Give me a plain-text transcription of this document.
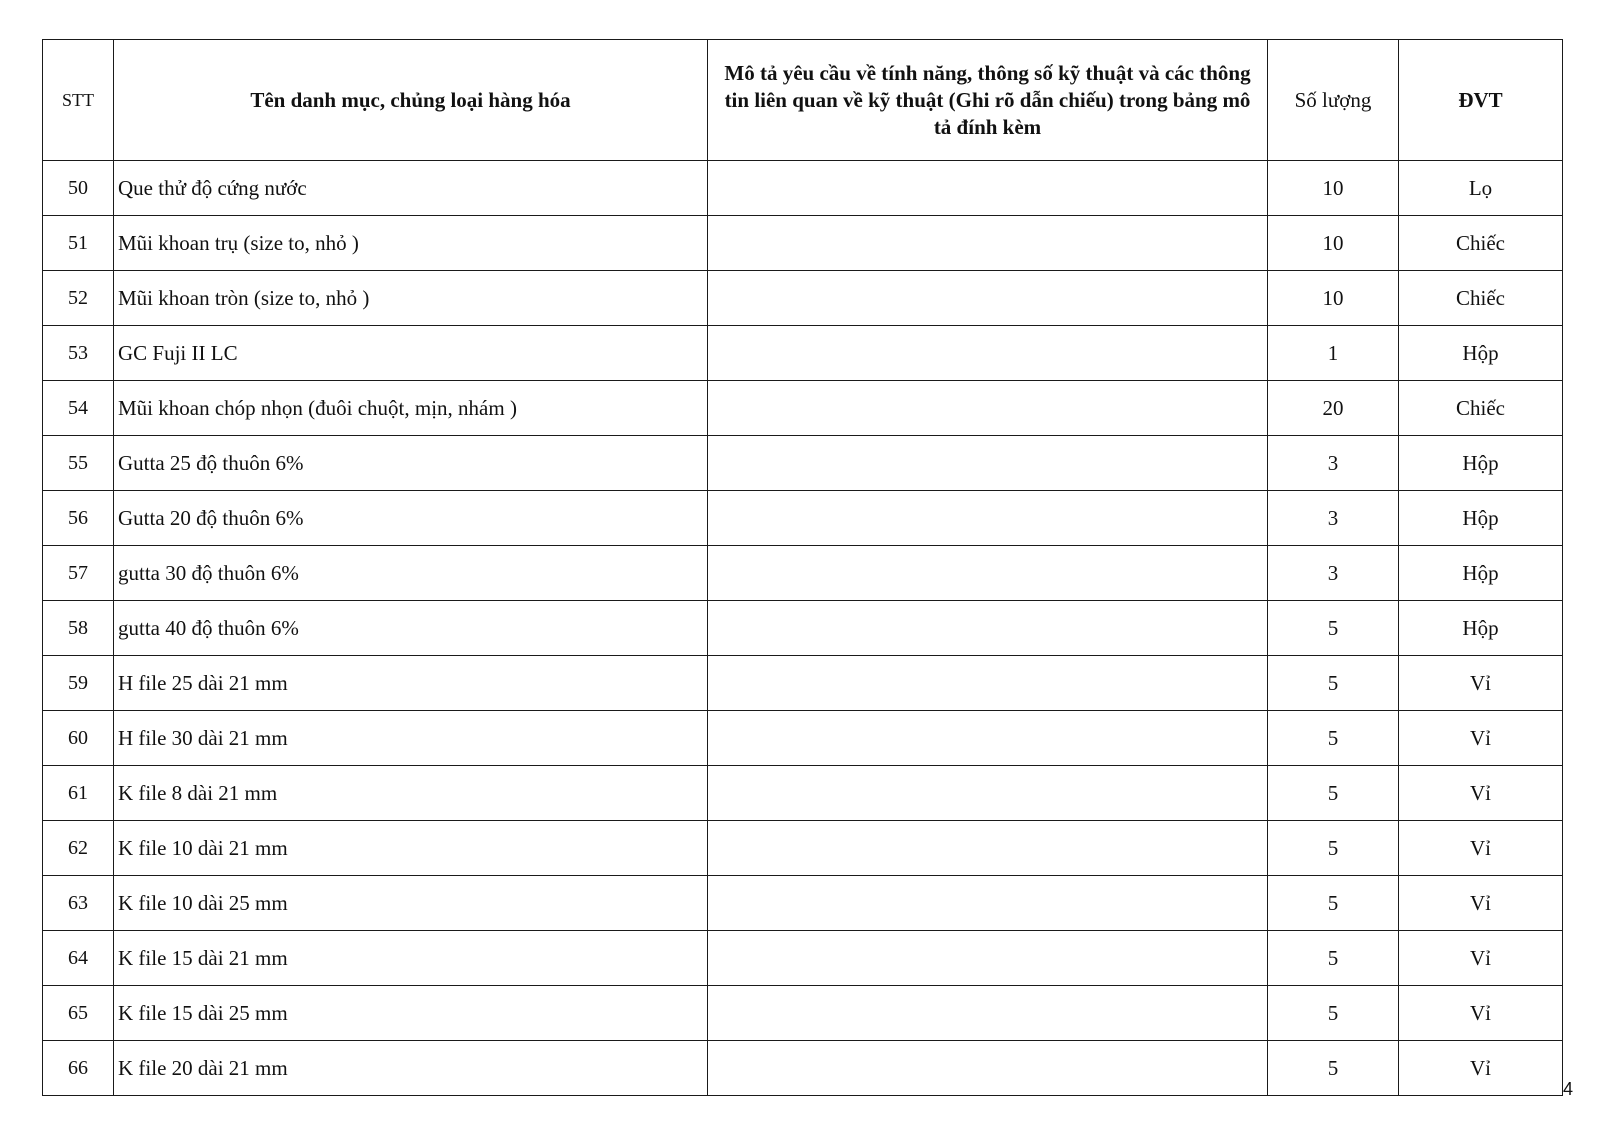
STT	Tên danh mục, chủng loại hàng hóa	Mô tả yêu cầu về tính năng, thông số kỹ thuật và các thông tin liên quan về kỹ thuật (Ghi rõ dẫn chiếu) trong bảng mô tả đính kèm	Số lượng	ĐVT
50	Que thử độ cứng nước		10	Lọ
51	Mũi khoan trụ (size to, nhỏ )		10	Chiếc
52	Mũi khoan tròn (size to, nhỏ )		10	Chiếc
53	GC Fuji II LC		1	Hộp
54	Mũi khoan chóp nhọn (đuôi chuột, mịn, nhám )		20	Chiếc
55	Gutta 25 độ thuôn 6%		3	Hộp
56	Gutta 20 độ thuôn 6%		3	Hộp
57	gutta 30 độ thuôn 6%		3	Hộp
58	gutta 40 độ thuôn 6%		5	Hộp
59	H file 25 dài 21 mm		5	Vỉ
60	H file 30 dài 21 mm		5	Vỉ
61	K file 8 dài 21 mm		5	Vỉ
62	K file 10 dài 21 mm		5	Vỉ
63	K file 10 dài 25 mm		5	Vỉ
64	K file 15 dài 21 mm		5	Vỉ
65	K file 15 dài 25 mm		5	Vỉ
66	K file 20 dài 21 mm		5	Vỉ
4
